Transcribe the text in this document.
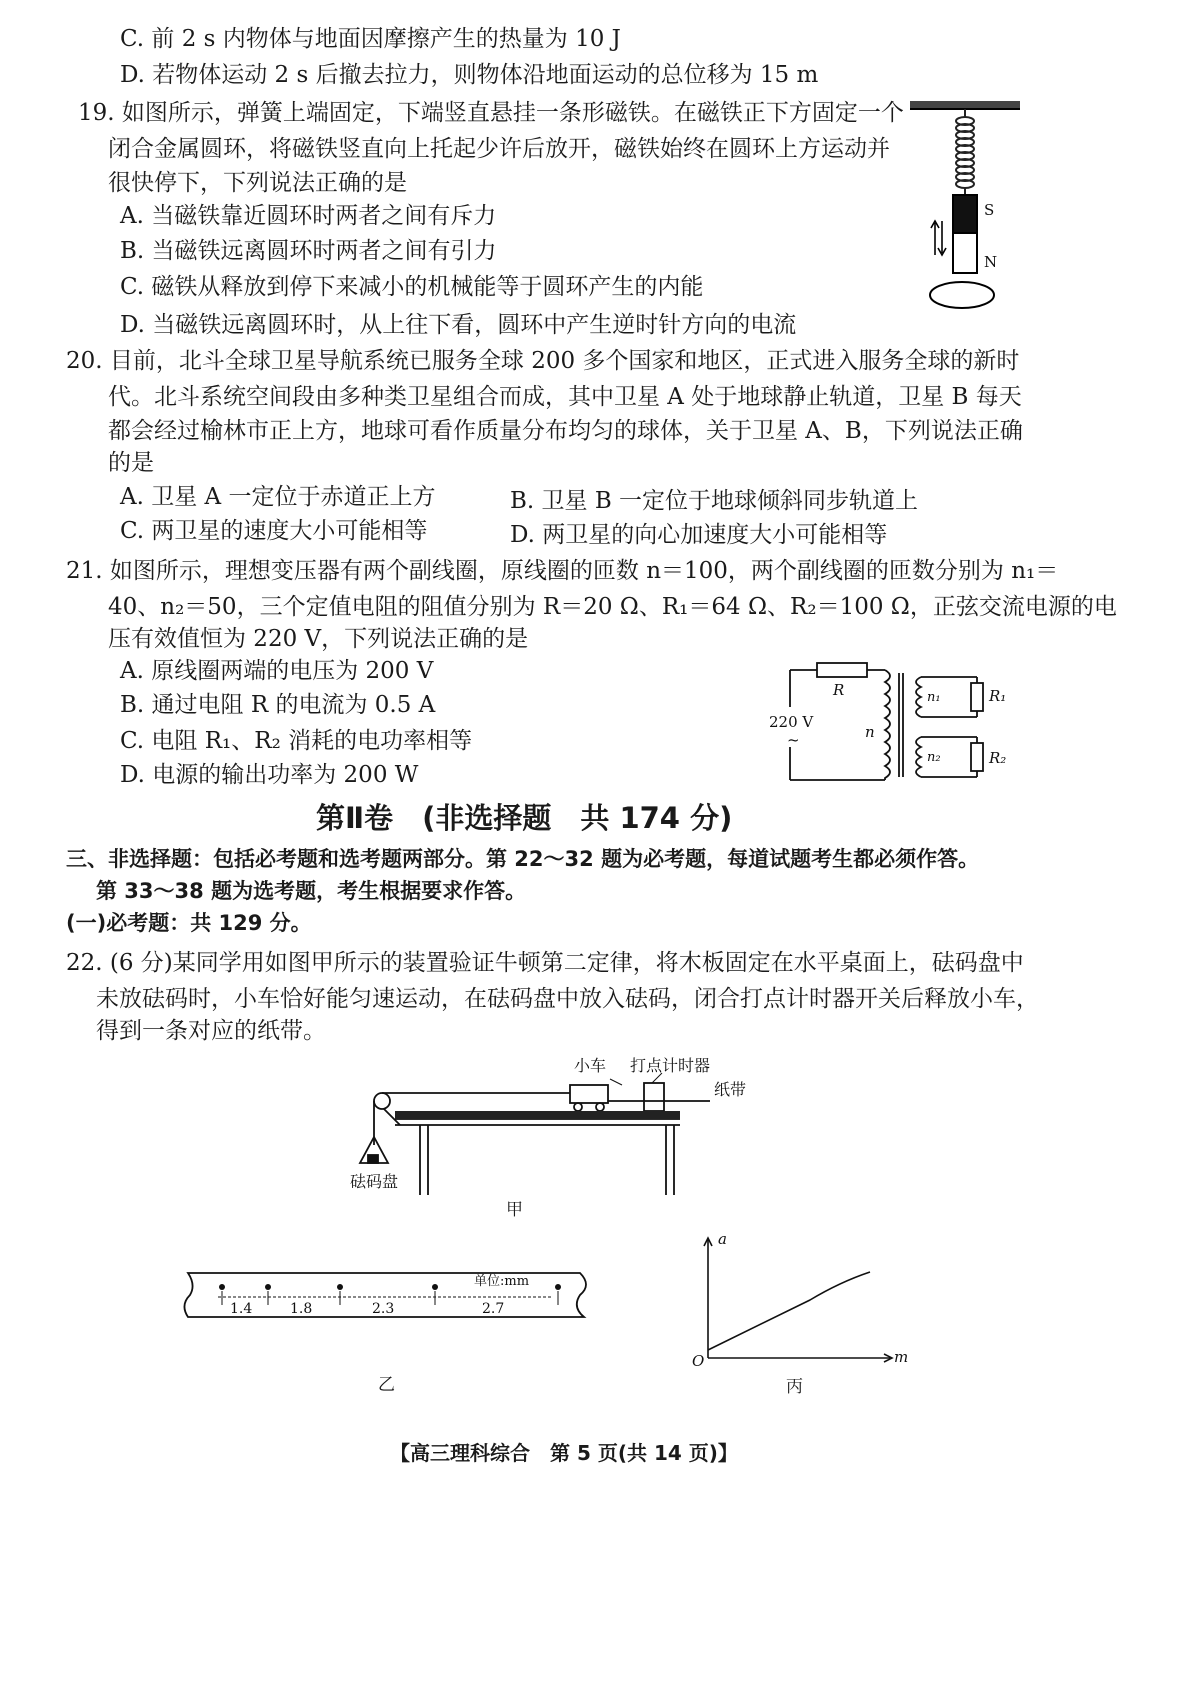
C. 前 2 s 内物体与地面因摩擦产生的热量为 10 J
D. 若物体运动 2 s 后撤去拉力，则物体沿地面运动的总位移为 15 m
19. 如图所示，弹簧上端固定，下端竖直悬挂一条形磁铁。在磁铁正下方固定一个
闭合金属圆环，将磁铁竖直向上托起少许后放开，磁铁始终在圆环上方运动并
很快停下，下列说法正确的是
A. 当磁铁靠近圆环时两者之间有斥力
B. 当磁铁远离圆环时两者之间有引力
C. 磁铁从释放到停下来减小的机械能等于圆环产生的内能
D. 当磁铁远离圆环时，从上往下看，圆环中产生逆时针方向的电流
20. 目前，北斗全球卫星导航系统已服务全球 200 多个国家和地区，正式进入服务全球的新时
代。北斗系统空间段由多种类卫星组合而成，其中卫星 A 处于地球静止轨道，卫星 B 每天
都会经过榆林市正上方，地球可看作质量分布均匀的球体，关于卫星 A、B，下列说法正确
的是
A. 卫星 A 一定位于赤道正上方	B. 卫星 B 一定位于地球倾斜同步轨道上
C. 两卫星的速度大小可能相等	D. 两卫星的向心加速度大小可能相等
21. 如图所示，理想变压器有两个副线圈，原线圈的匝数 n＝100，两个副线圈的匝数分别为 n₁＝
40、n₂＝50，三个定值电阻的阻值分别为 R＝20 Ω、R₁＝64 Ω、R₂＝100 Ω，正弦交流电源的电
压有效值恒为 220 V，下列说法正确的是
A. 原线圈两端的电压为 200 V
B. 通过电阻 R 的电流为 0.5 A
C. 电阻 R₁、R₂ 消耗的电功率相等
D. 电源的输出功率为 200 W
第Ⅱ卷　(非选择题　共 174 分)
三、非选择题：包括必考题和选考题两部分。第 22～32 题为必考题，每道试题考生都必须作答。
第 33～38 题为选考题，考生根据要求作答。
(一)必考题：共 129 分。
22. (6 分)某同学用如图甲所示的装置验证牛顿第二定律，将木板固定在水平桌面上，砝码盘中
未放砝码时，小车恰好能匀速运动，在砝码盘中放入砝码，闭合打点计时器开关后释放小车，
得到一条对应的纸带。
S
N
R
220 V
~	n
n₁	R₁
n₂	R₂
小车 打点计时器
纸带
砝码盘
甲
单位:mm
1.4	1.8	2.3	2.7
乙
a
m
O
丙
【高三理科综合　第 5 页(共 14 页)】
